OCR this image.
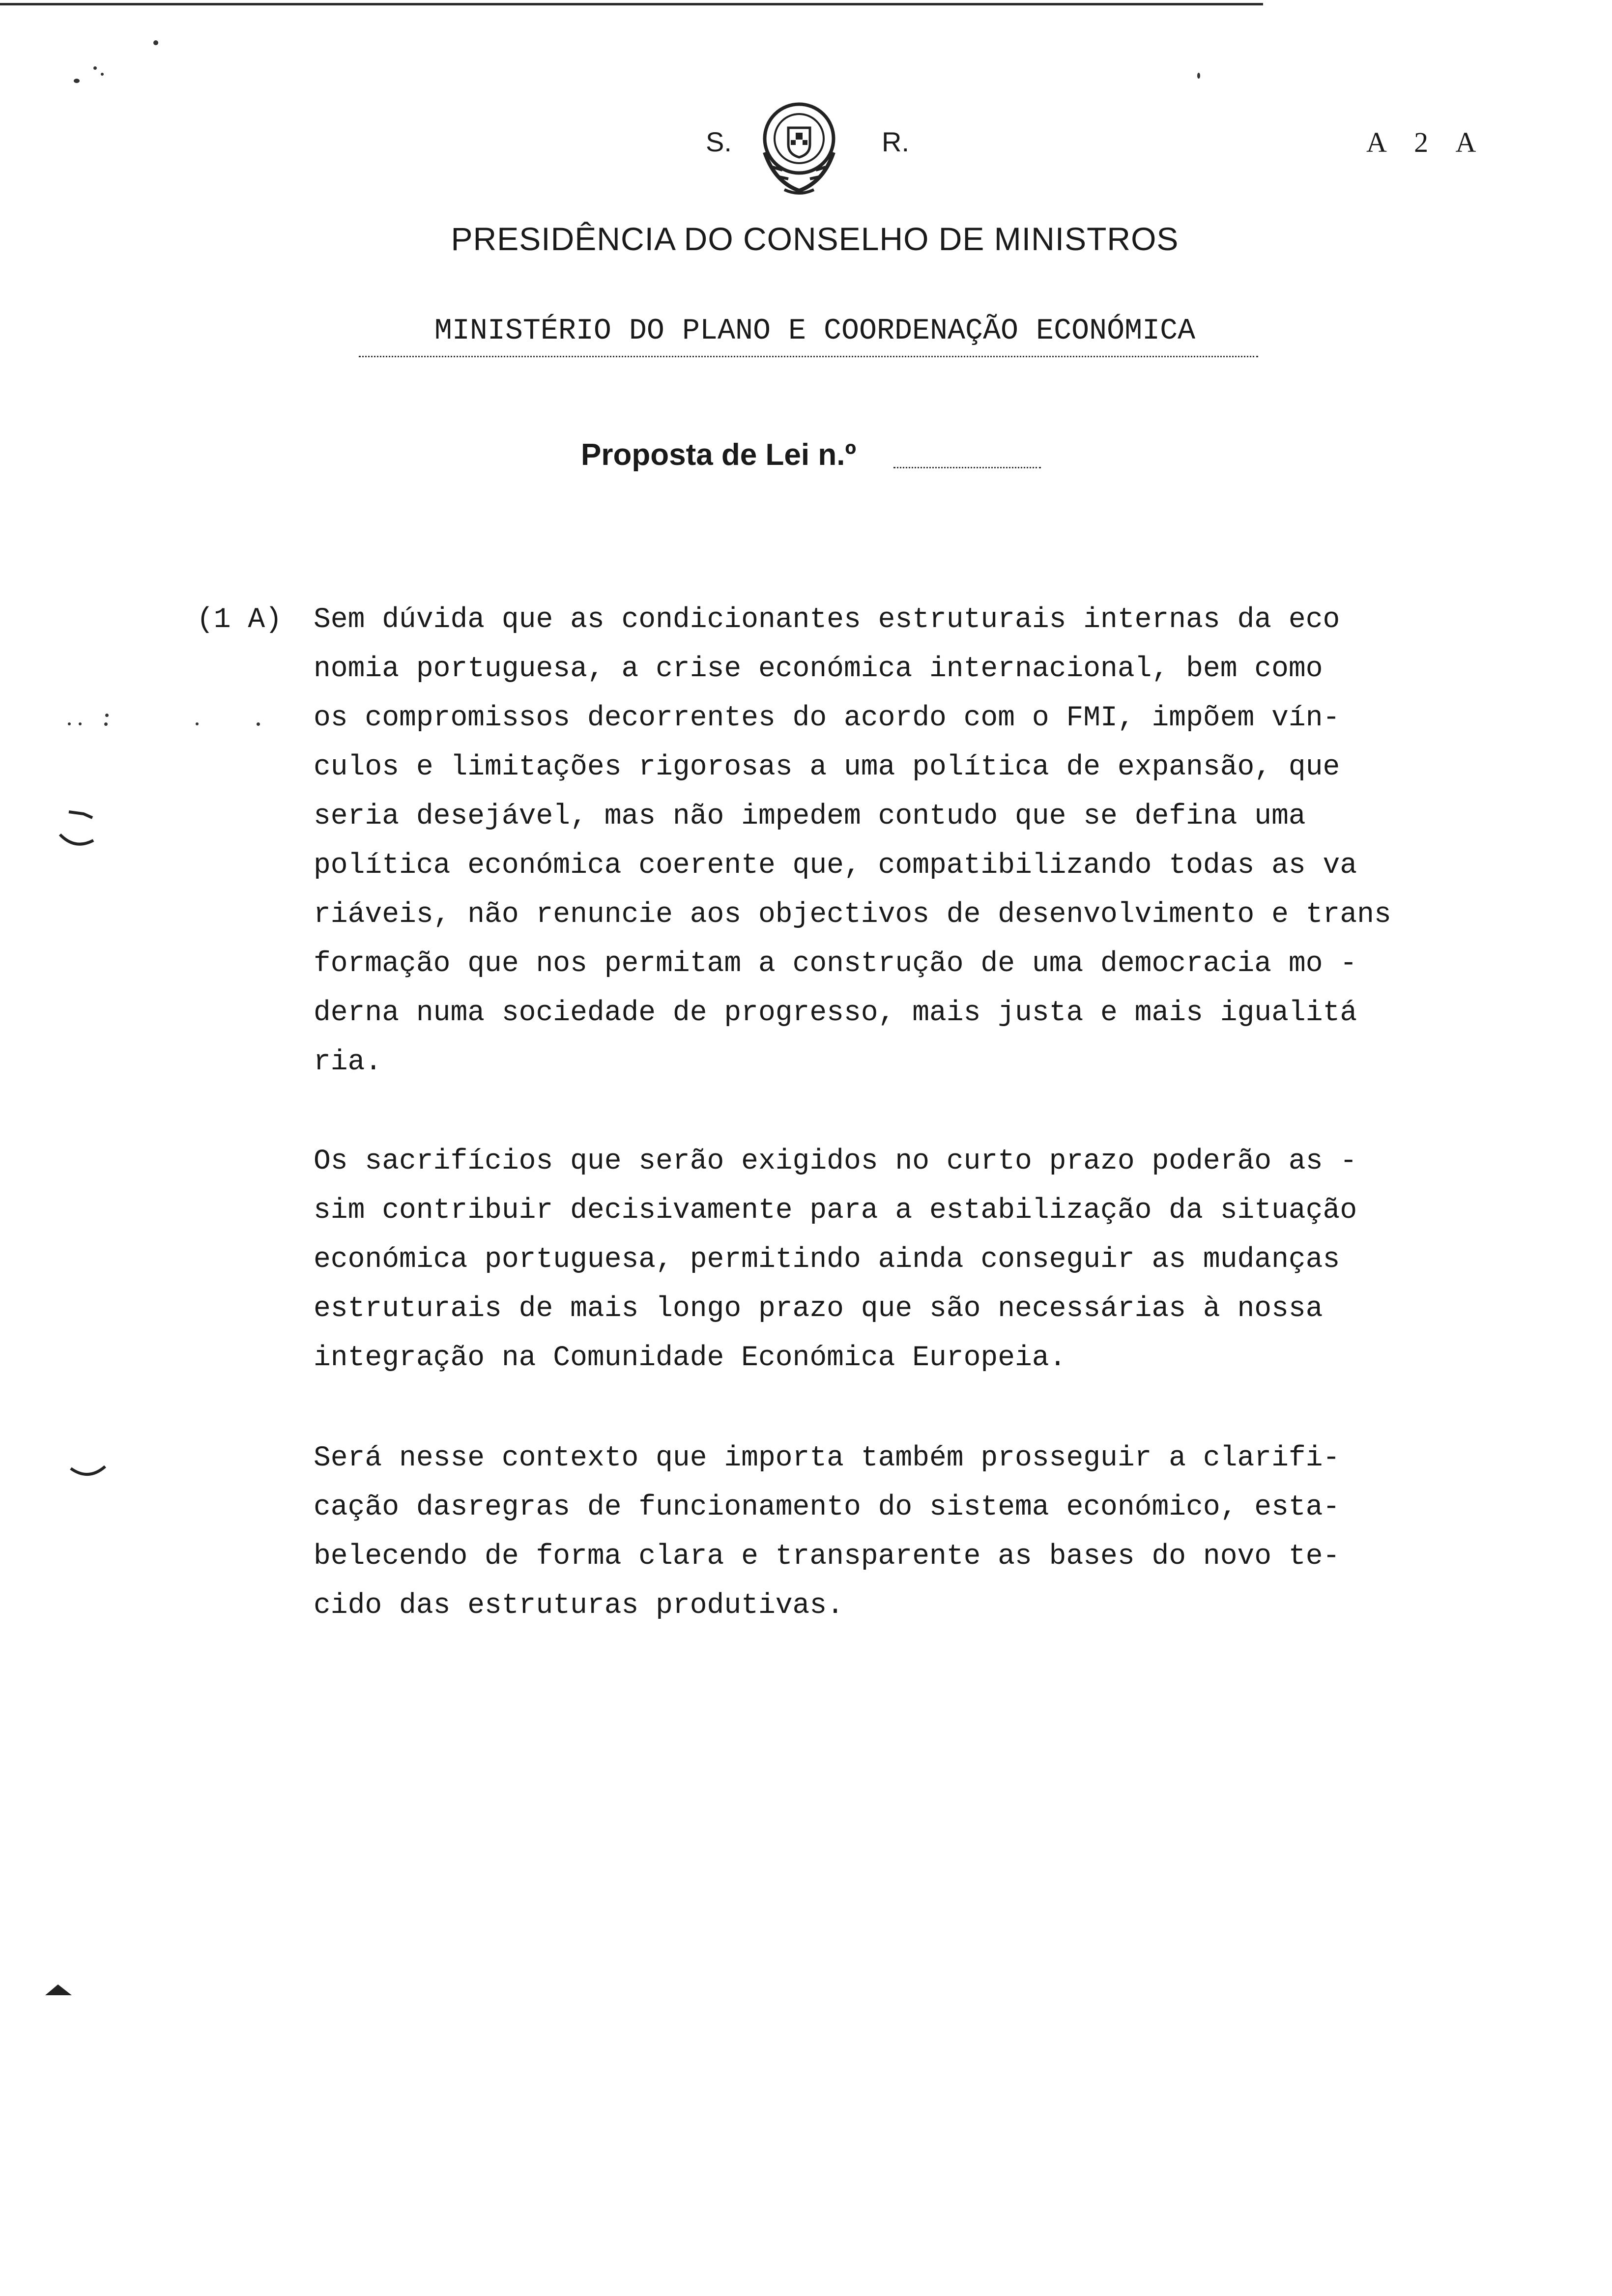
S.	R.	A 2 A
PRESIDÊNCIA DO CONSELHO DE MINISTROS
MINISTÉRIO DO PLANO E COORDENAÇÃO ECONÓMICA
Proposta de Lei n.º
(1 A) Sem dúvida que as condicionantes estruturais internas da eco
nomia portuguesa, a crise económica internacional, bem como
os compromissos decorrentes do acordo com o FMI, impõem vín-
culos e limitações rigorosas a uma política de expansão, que
seria desejável, mas não impedem contudo que se defina uma
política económica coerente que, compatibilizando todas as va
riáveis, não renuncie aos objectivos de desenvolvimento e trans
formação que nos permitam a construção de uma democracia mo -
derna numa sociedade de progresso, mais justa e mais igualitá
ria.
Os sacrifícios que serão exigidos no curto prazo poderão as -
sim contribuir decisivamente para a estabilização da situação
económica portuguesa, permitindo ainda conseguir as mudanças
estruturais de mais longo prazo que são necessárias à nossa
integração na Comunidade Económica Europeia.
Será nesse contexto que importa também prosseguir a clarifi-
cação dasregras de funcionamento do sistema económico, esta-
belecendo de forma clara e transparente as bases do novo te-
cido das estruturas produtivas.
